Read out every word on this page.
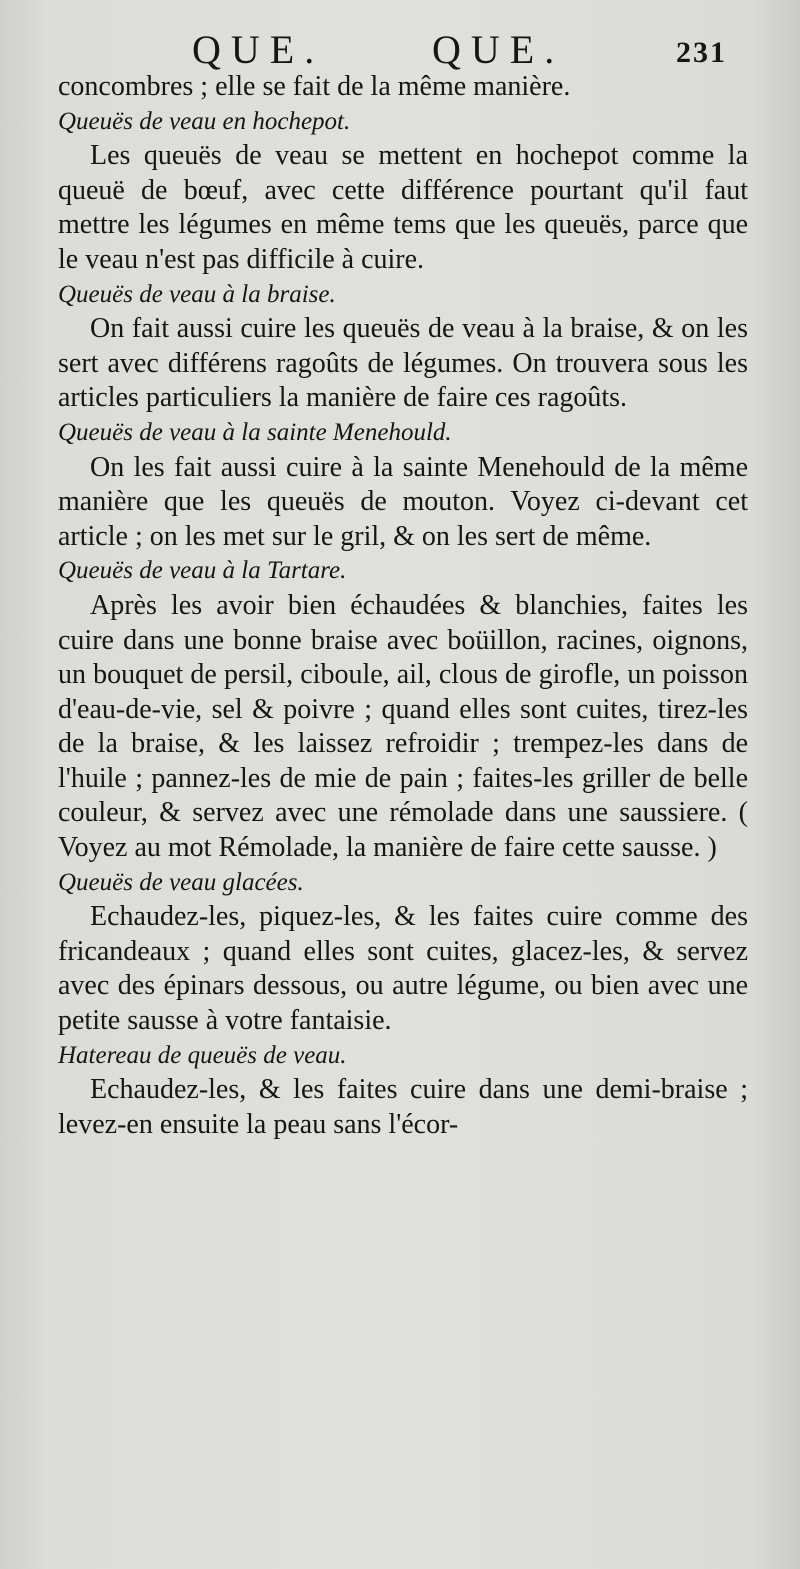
QUE.	QUE.	231

concombres ; elle se fait de la même manière.

Queuës de veau en hochepot.

Les queuës de veau se mettent en hochepot comme la queuë de bœuf, avec cette différence pourtant qu'il faut mettre les légumes en même tems que les queuës, parce que le veau n'est pas difficile à cuire.

Queuës de veau à la braise.

On fait aussi cuire les queuës de veau à la braise, & on les sert avec différens ragoûts de légumes. On trouvera sous les articles particuliers la manière de faire ces ragoûts.

Queuës de veau à la sainte Menehould.

On les fait aussi cuire à la sainte Menehould de la même manière que les queuës de mouton. Voyez ci-devant cet article ; on les met sur le gril, & on les sert de même.

Queuës de veau à la Tartare.

Après les avoir bien échaudées & blanchies, faites les cuire dans une bonne braise avec boüillon, racines, oignons, un bouquet de persil, ciboule, ail, clous de girofle, un poisson d'eau-de-vie, sel & poivre ; quand elles sont cuites, tirez-les de la braise, & les laissez refroidir ; trempez-les dans de l'huile ; pannez-les de mie de pain ; faites-les griller de belle couleur, & servez avec une rémolade dans une saussiere. ( Voyez au mot Rémolade, la manière de faire cette sausse. )

Queuës de veau glacées.

Echaudez-les, piquez-les, & les faites cuire comme des fricandeaux ; quand elles sont cuites, glacez-les, & servez avec des épinars dessous, ou autre légume, ou bien avec une petite sausse à votre fantaisie.

Hatereau de queuës de veau.

Echaudez-les, & les faites cuire dans une demi-braise ; levez-en ensuite la peau sans l'écor-
